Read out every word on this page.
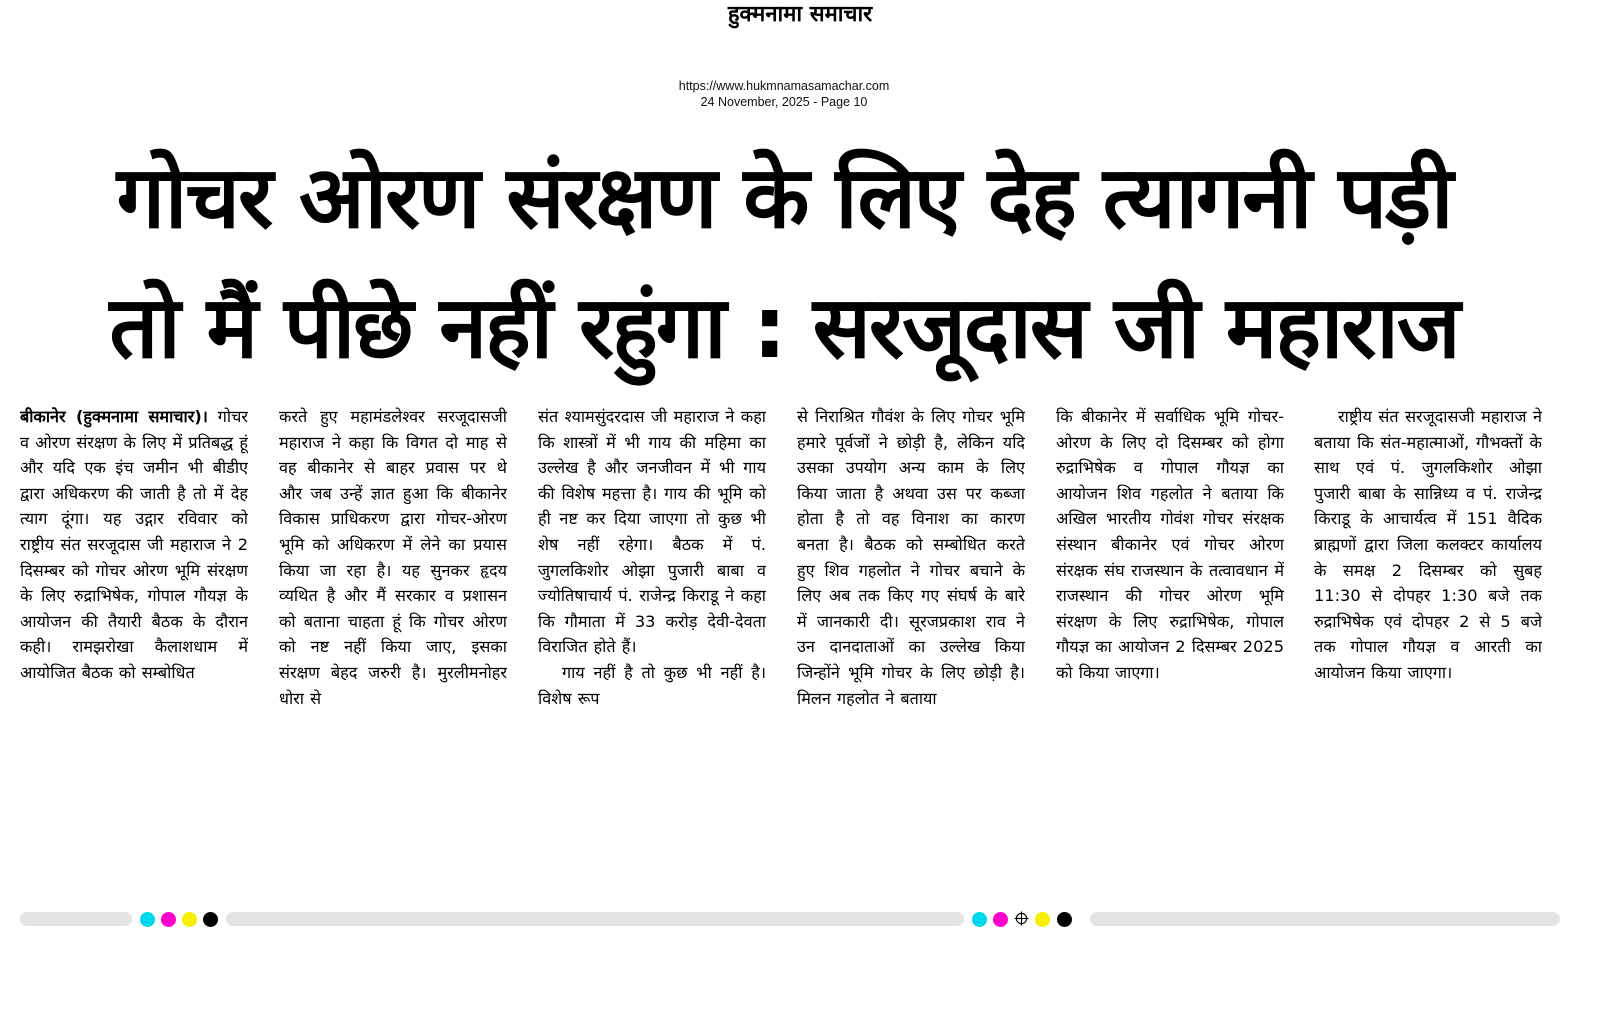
हुक्मनामा समाचार
https://www.hukmnamasamachar.com
24 November, 2025 - Page 10
गोचर ओरण संरक्षण के लिए देह त्यागनी पड़ी
तो मैं पीछे नहीं रहुंगा : सरजूदास जी महाराज
बीकानेर (हुक्मनामा समाचार)। गोचर व ओरण संरक्षण के लिए में प्रतिबद्ध हूं और यदि एक इंच जमीन भी बीडीए द्वारा अधिकरण की जाती है तो में देह त्याग दूंगा। यह उद्गार रविवार को राष्ट्रीय संत सरजूदास जी महाराज ने 2 दिसम्बर को गोचर ओरण भूमि संरक्षण के लिए रुद्राभिषेक, गोपाल गौयज्ञ के आयोजन की तैयारी बैठक के दौरान कही। रामझरोखा कैलाशधाम में आयोजित बैठक को सम्बोधित
करते हुए महामंडलेश्वर सरजूदासजी महाराज ने कहा कि विगत दो माह से वह बीकानेर से बाहर प्रवास पर थे और जब उन्हें ज्ञात हुआ कि बीकानेर विकास प्राधिकरण द्वारा गोचर-ओरण भूमि को अधिकरण में लेने का प्रयास किया जा रहा है। यह सुनकर हृदय व्यथित है और मैं सरकार व प्रशासन को बताना चाहता हूं कि गोचर ओरण को नष्ट नहीं किया जाए, इसका संरक्षण बेहद जरुरी है। मुरलीमनोहर धोरा से
संत श्यामसुंदरदास जी महाराज ने कहा कि शास्त्रों में भी गाय की महिमा का उल्लेख है और जनजीवन में भी गाय की विशेष महत्ता है। गाय की भूमि को ही नष्ट कर दिया जाएगा तो कुछ भी शेष नहीं रहेगा। बैठक में पं. जुगलकिशोर ओझा पुजारी बाबा व ज्योतिषाचार्य पं. राजेन्द्र किराडू ने कहा कि गौमाता में 33 करोड़ देवी-देवता विराजित होते हैं।
गाय नहीं है तो कुछ भी नहीं है। विशेष रूप
से निराश्रित गौवंश के लिए गोचर भूमि हमारे पूर्वजों ने छोड़ी है, लेकिन यदि उसका उपयोग अन्य काम के लिए किया जाता है अथवा उस पर कब्जा होता है तो वह विनाश का कारण बनता है। बैठक को सम्बोधित करते हुए शिव गहलोत ने गोचर बचाने के लिए अब तक किए गए संघर्ष के बारे में जानकारी दी। सूरजप्रकाश राव ने उन दानदाताओं का उल्लेख किया जिन्होंने भूमि गोचर के लिए छोड़ी है। मिलन गहलोत ने बताया
कि बीकानेर में सर्वाधिक भूमि गोचर-ओरण के लिए दो दिसम्बर को होगा रुद्राभिषेक व गोपाल गौयज्ञ का आयोजन शिव गहलोत ने बताया कि अखिल भारतीय गोवंश गोचर संरक्षक संस्थान बीकानेर एवं गोचर ओरण संरक्षक संघ राजस्थान के तत्वावधान में राजस्थान की गोचर ओरण भूमि संरक्षण के लिए रुद्राभिषेक, गोपाल गौयज्ञ का आयोजन 2 दिसम्बर 2025 को किया जाएगा।
राष्ट्रीय संत सरजूदासजी महाराज ने बताया कि संत-महात्माओं, गौभक्तों के साथ एवं पं. जुगलकिशोर ओझा पुजारी बाबा के सान्निध्य व पं. राजेन्द्र किराडू के आचार्यत्व में 151 वैदिक ब्राह्मणों द्वारा जिला कलक्टर कार्यालय के समक्ष 2 दिसम्बर को सुबह 11:30 से दोपहर 1:30 बजे तक रुद्राभिषेक एवं दोपहर 2 से 5 बजे तक गोपाल गौयज्ञ व आरती का आयोजन किया जाएगा।
